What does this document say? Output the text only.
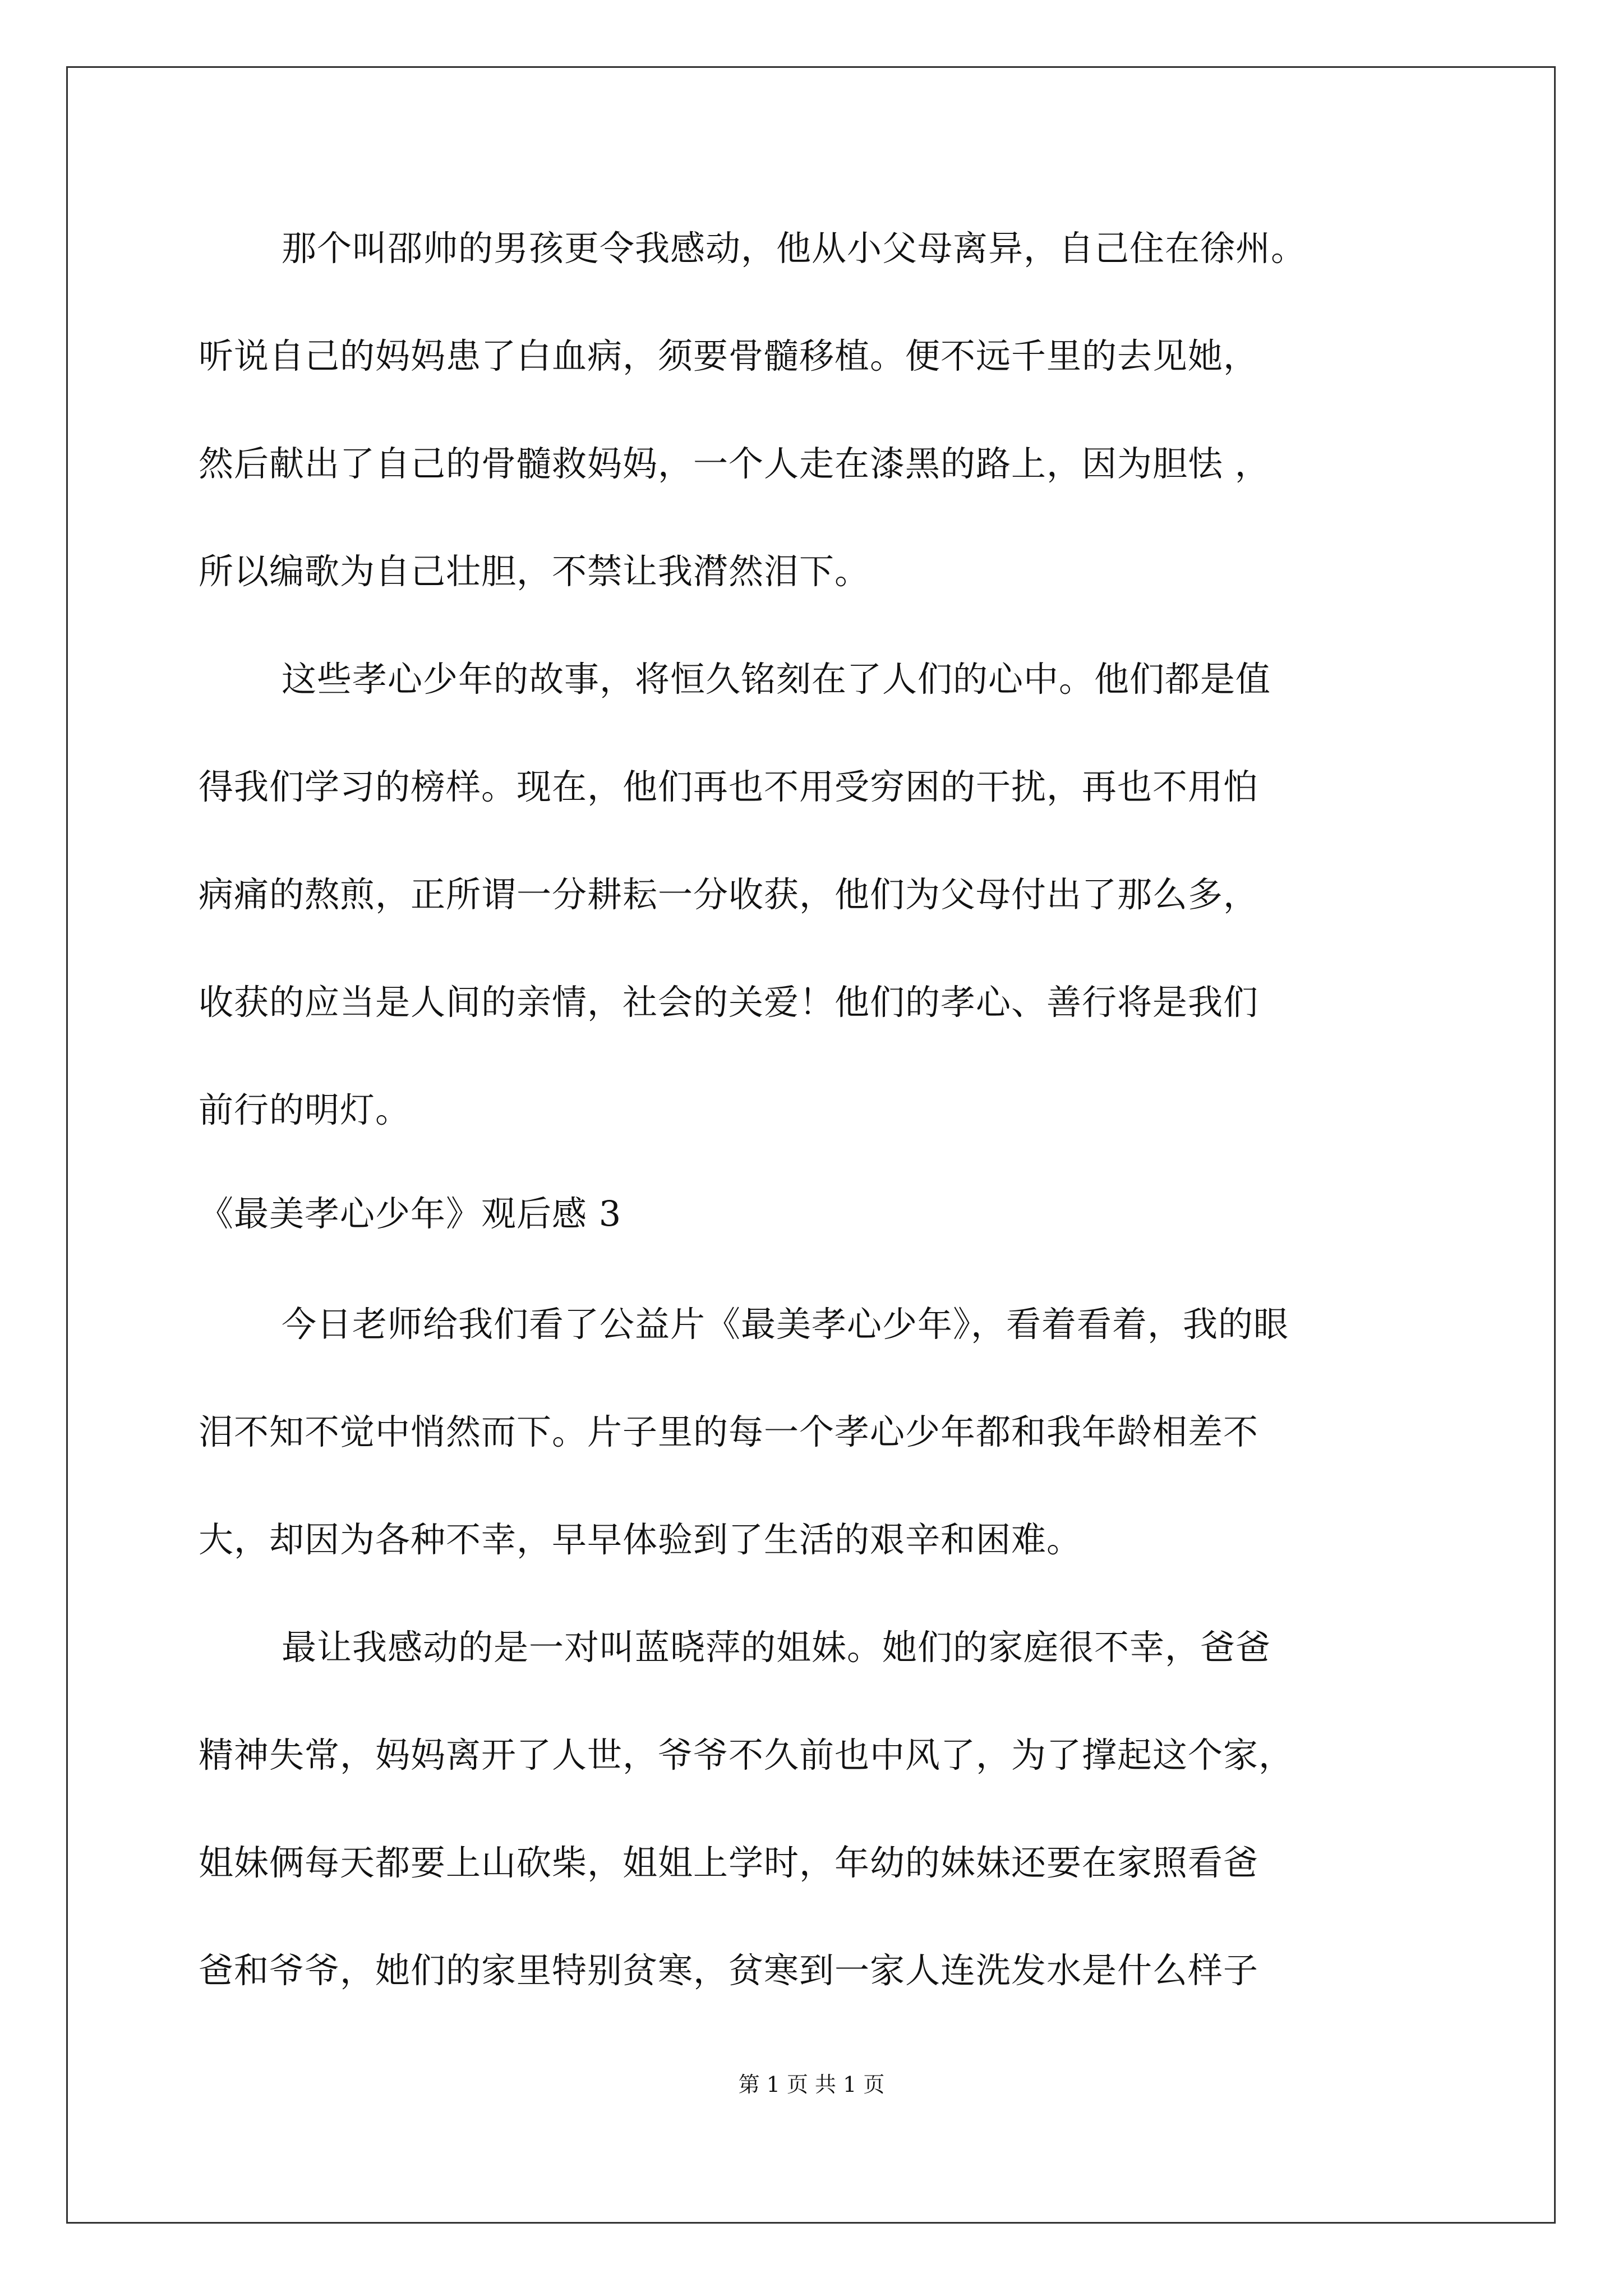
那个叫邵帅的男孩更令我感动，他从小父母离异，自己住在徐州。
听说自己的妈妈患了白血病，须要骨髓移植。便不远千里的去见她，
然后献出了自己的骨髓救妈妈，一个人走在漆黑的路上，因为胆怯 ，
所以编歌为自己壮胆，不禁让我潸然泪下。
这些孝心少年的故事，将恒久铭刻在了人们的心中。他们都是值
得我们学习的榜样。现在，他们再也不用受穷困的干扰，再也不用怕
病痛的熬煎，正所谓一分耕耘一分收获，他们为父母付出了那么多，
收获的应当是人间的亲情，社会的关爱！他们的孝心、善行将是我们
前行的明灯。
《最美孝心少年》观后感 3
今日老师给我们看了公益片《最美孝心少年》，看着看着，我的眼
泪不知不觉中悄然而下。片子里的每一个孝心少年都和我年龄相差不
大，却因为各种不幸，早早体验到了生活的艰辛和困难。
最让我感动的是一对叫蓝晓萍的姐妹。她们的家庭很不幸，爸爸
精神失常，妈妈离开了人世，爷爷不久前也中风了，为了撑起这个家，
姐妹俩每天都要上山砍柴，姐姐上学时，年幼的妹妹还要在家照看爸
爸和爷爷，她们的家里特别贫寒，贫寒到一家人连洗发水是什么样子
第 1 页 共 1 页
